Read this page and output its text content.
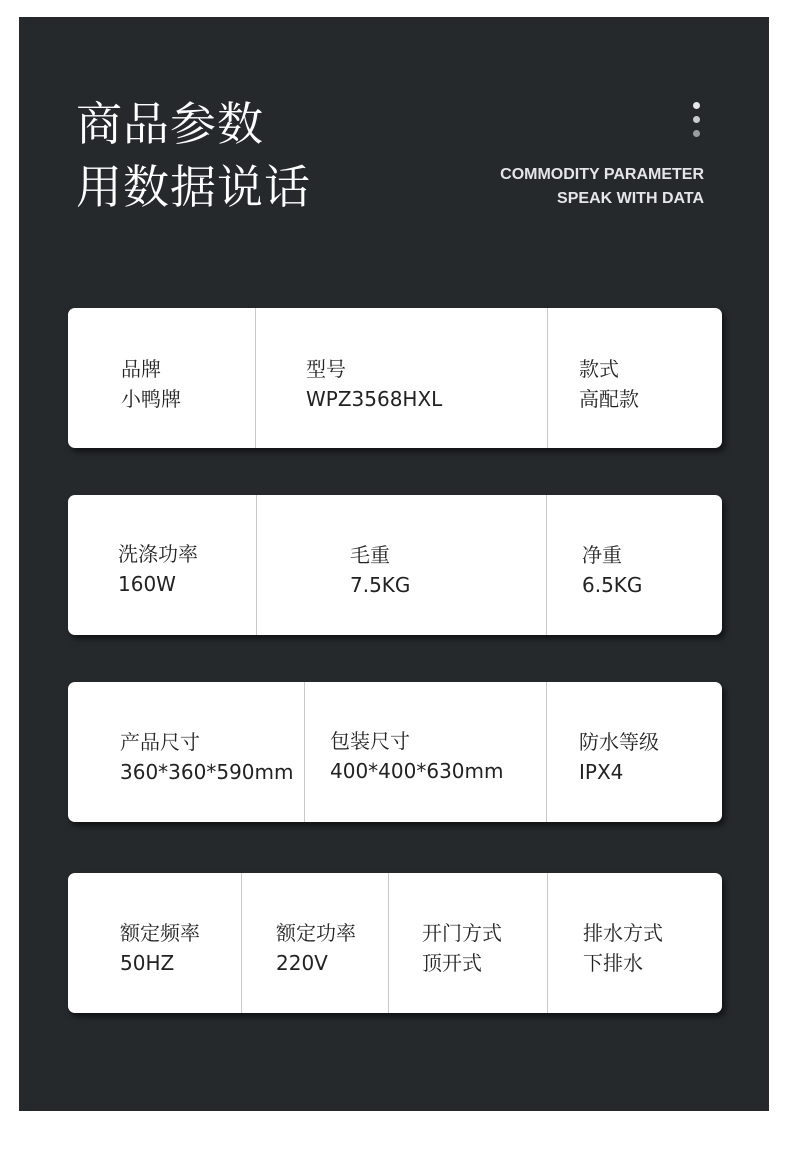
商品参数
用数据说话	COMMODITY PARAMETER
SPEAK WITH DATA
品牌
小鸭牌
型号
WPZ3568HXL
款式
高配款
洗涤功率
160W
毛重
7.5KG
净重
6.5KG
产品尺寸
360*360*590mm
包装尺寸
400*400*630mm
防水等级
IPX4
额定频率
50HZ
额定功率
220V
开门方式
顶开式
排水方式
下排水
